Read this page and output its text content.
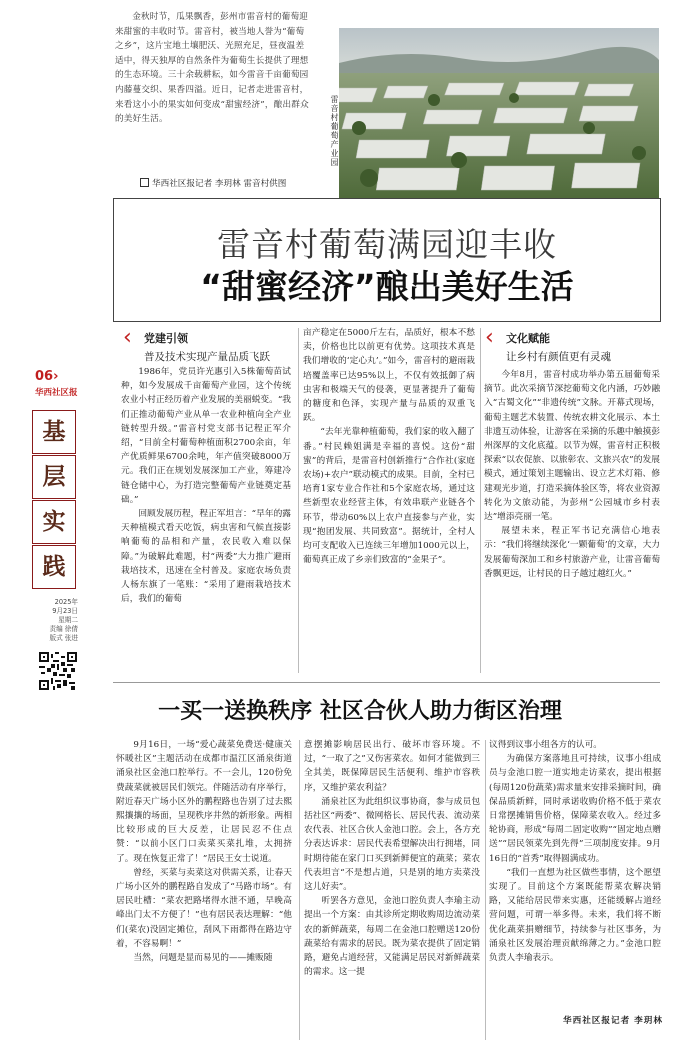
金秋时节，瓜果飘香，彭州市雷音村的葡萄迎来甜蜜的丰收时节。雷音村，被当地人誉为“葡萄之乡”，这片宝地土壤肥沃、光照充足，昼夜温差适中，得天独厚的自然条件为葡萄生长提供了理想的生态环境。三十余载耕耘，如今雷音千亩葡萄园内藤蔓交织、果香四溢。近日，记者走进雷音村，来看这小小的果实如何变成“甜蜜经济”，酿出群众的美好生活。

华西社区报记者 李玥林 雷音村供图
雷音村葡萄产业园
雷音村葡萄满园迎丰收
“甜蜜经济”酿出美好生活
06›
华西社区报
基
层
实
践
2025年
9月23日
星期二
责编 徐倩
版式 张进
‹ 党建引领
普及技术实现产量品质飞跃
‹ 文化赋能
让乡村有颜值更有灵魂

1986年，党员许光惠引入5株葡萄苗试种，如今发展成千亩葡萄产业园，这个传统农业小村正经历着产业发展的美丽蜕变。“我们正推动葡萄产业从单一农业种植向全产业链转型升级。”雷音村党支部书记程正军介绍，“目前全村葡萄种植面积2700余亩，年产优质鲜果6700余吨，年产值突破8000万元。我们正在规划发展深加工产业，筹建冷链仓储中心，为打造完整葡萄产业链奠定基础。”

回顾发展历程，程正军坦言：“早年的露天种植模式看天吃饭，病虫害和气候直接影响葡萄的品相和产量，农民收入难以保障。”为破解此难题，村“两委”大力推广避雨栽培技术，迅速在全村普及。家庭农场负责人杨东旗了一笔账：“采用了避雨栽培技术后，我们的葡萄

亩产稳定在5000斤左右，品质好，根本不愁卖，价格也比以前更有优势。这项技术真是我们增收的‘定心丸’。”如今，雷音村的避雨栽培覆盖率已达95%以上，不仅有效抵御了病虫害和极端天气的侵袭，更显著提升了葡萄的糖度和色泽，实现产量与品质的双重飞跃。

“去年光靠种植葡萄，我们家的收入翻了番。”村民赖姐满是幸福的喜悦。这份“甜蜜”的背后，是雷音村创新推行“合作社(家庭农场)+农户”联动模式的成果。目前，全村已培育1家专业合作社和5个家庭农场，通过这些新型农业经营主体，有效串联产业链各个环节，带动60%以上农户直接参与产业，实现“抱团发展、共同致富”。据统计，全村人均可支配收入已连续三年增加1000元以上，葡萄真正成了乡亲们致富的“金果子”。

今年8月，雷音村成功举办第五届葡萄采摘节。此次采摘节深挖葡萄文化内涵，巧妙融入“古蜀文化”“非遗传统”文脉。开幕式现场，葡萄主题艺术装置、传统农耕文化展示、本土非遗互动体验，让游客在采摘的乐趣中触摸彭州深厚的文化底蕴。以节为媒，雷音村正积极探索“以农促旅、以旅彰农、文旅兴农”的发展模式，通过策划主题输出、设立艺术灯箱、修建观光步道，打造采摘体验区等，将农业资源转化为文旅动能，为彭州“公园城市乡村表达”增添亮丽一笔。

展望未来，程正军书记充满信心地表示：“我们将继续深化‘一颗葡萄’的文章，大力发展葡萄深加工和乡村旅游产业，让雷音葡萄香飘更远，让村民的日子越过越红火。”

一买一送换秩序 社区合伙人助力街区治理

9月16日，一场“爱心蔬菜免费送·健康关怀暖社区”主题活动在成都市温江区涌泉街道涌泉社区金池口腔举行。不一会儿，120份免费蔬菜就被居民们领完。伴随活动有序举行，附近春天广场小区外的鹏程路也告别了过去熙熙攘攘的场面，呈现秩序井然的新形象。两相比较形成的巨大反差，让居民忍不住点赞：“以前小区门口卖菜买菜扎堆，太拥挤了。现在恢复正常了！”居民王女士说道。

曾经，买菜与卖菜这对供需关系，让春天广场小区外的鹏程路自发成了“马路市场”。有居民吐槽：“菜农把路堵得水泄不通，早晚高峰出门太不方便了！”也有居民表达理解：“他们(菜农)没固定摊位，刮风下雨都得在路边守着，不容易啊！”

当然，问题是显而易见的——摊贩随

意摆摊影响居民出行、破坏市容环境。不过，“一取了之”又伤害菜农。如何才能做到三全其美，既保障居民生活便利、维护市容秩序，又维护菜农利益？

涌泉社区为此组织议事协商，参与成员包括社区“两委”、微网格长、居民代表、流动菜农代表、社区合伙人金池口腔。会上，各方充分表达诉求：居民代表希望解决出行拥堵，同时期待能在家门口买到新鲜便宜的蔬菜；菜农代表坦言“不是想占道，只是别的地方卖菜没这儿好卖”。

听罢各方意见，金池口腔负责人李瑜主动提出一个方案：由其诊所定期收购周边流动菜农的新鲜蔬菜，每周二在金池口腔赠送120份蔬菜给有需求的居民。既为菜农提供了固定销路，避免占道经营，又能满足居民对新鲜蔬菜的需求。这一提

议得到议事小组各方的认可。

为确保方案落地且可持续，议事小组成员与金池口腔一道实地走访菜农，提出根据(每周120份蔬菜)需求量来安排采摘时间，确保品质新鲜，同时承诺收购价格不低于菜农日常摆摊销售价格，保障菜农收入。经过多轮协商，形成“每周二固定收购”“固定地点赠送”“居民领菜先到先得”三项制度安排。9月16日的“首秀”取得圆满成功。

“我们一直想为社区做些事情，这个愿望实现了。目前这个方案既能帮菜农解决销路，又能给居民带来实惠，还能缓解占道经营问题，可谓一举多得。未来，我们将不断优化蔬菜捐赠细节，持续参与社区事务，为涌泉社区发展治理贡献绵薄之力。”金池口腔负责人李瑜表示。

华西社区报记者 李玥林
